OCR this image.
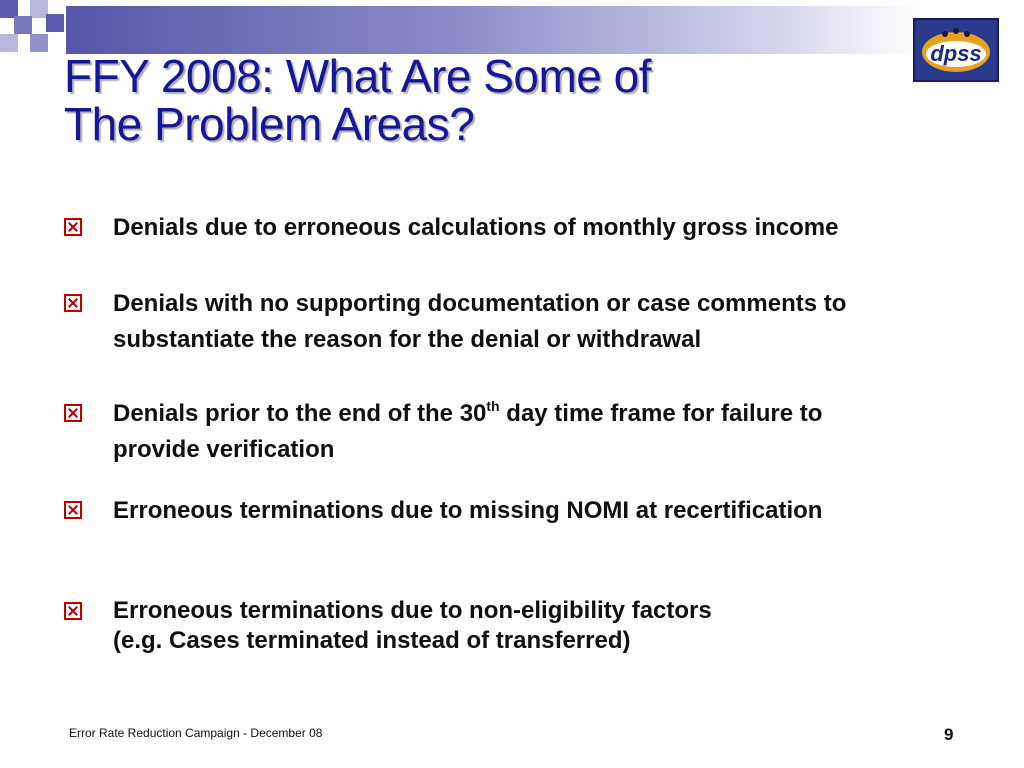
dpss
FFY 2008: What Are Some of
The Problem Areas?
Denials due to erroneous calculations of monthly gross income
Denials with no supporting documentation or case comments to
substantiate the reason for the denial or withdrawal
Denials prior to the end of the 30th day time frame for failure to
provide verification
Erroneous terminations due to missing NOMI at recertification
Erroneous terminations due to non-eligibility factors
(e.g. Cases terminated instead of transferred)
Error Rate Reduction Campaign - December 08	9
